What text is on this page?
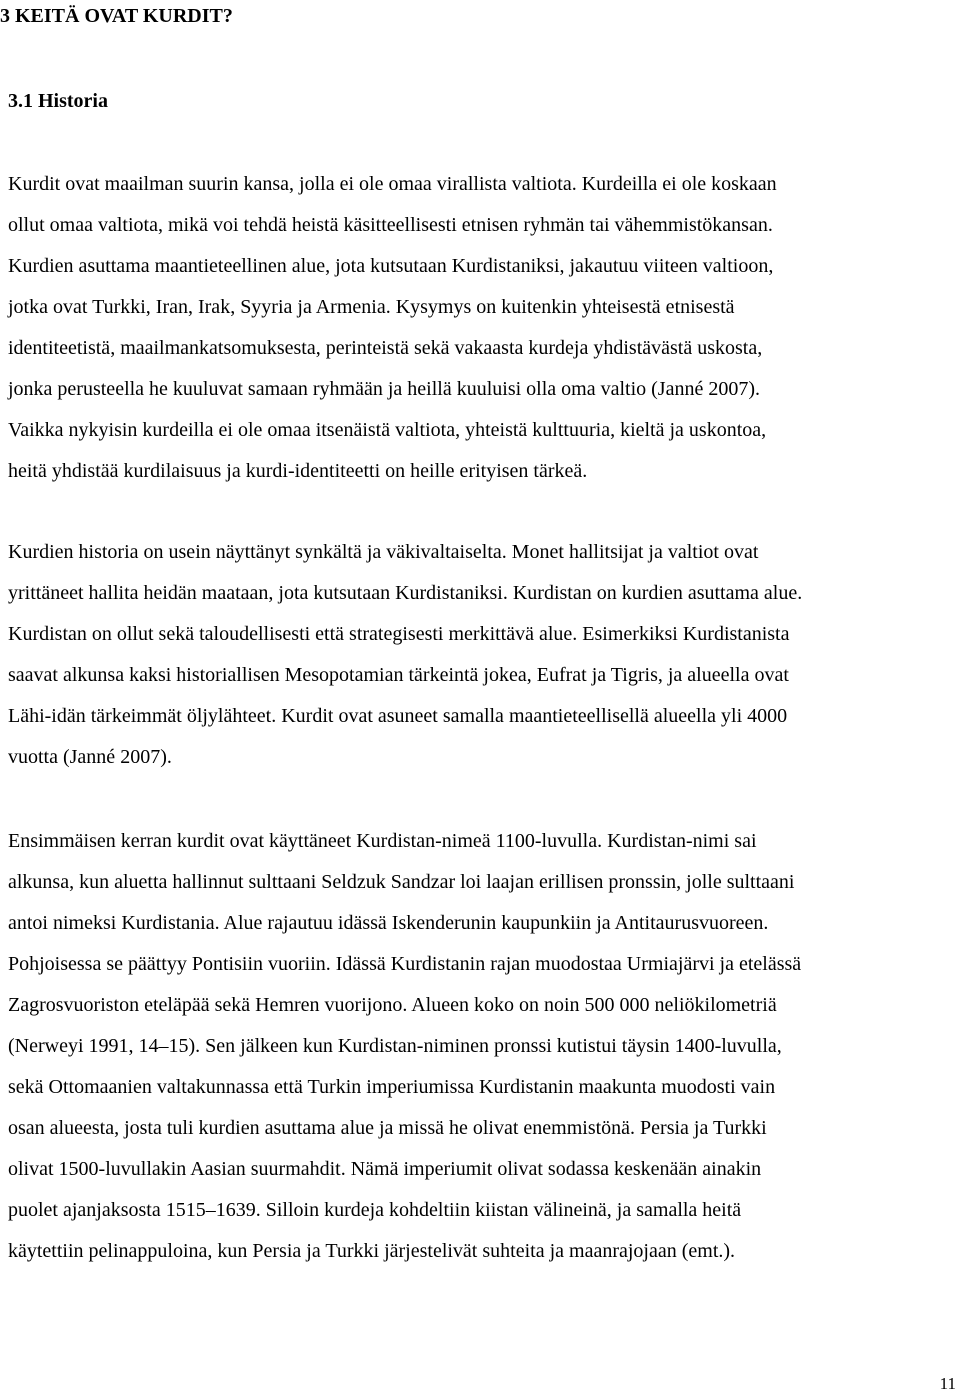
3 KEITÄ OVAT KURDIT?
3.1 Historia
Kurdit ovat maailman suurin kansa, jolla ei ole omaa virallista valtiota. Kurdeilla ei ole koskaan
ollut omaa valtiota, mikä voi tehdä heistä käsitteellisesti etnisen ryhmän tai vähemmistökansan.
Kurdien asuttama maantieteellinen alue, jota kutsutaan Kurdistaniksi, jakautuu viiteen valtioon,
jotka ovat Turkki, Iran, Irak, Syyria ja Armenia. Kysymys on kuitenkin yhteisestä etnisestä
identiteetistä, maailmankatsomuksesta, perinteistä sekä vakaasta kurdeja yhdistävästä uskosta,
jonka perusteella he kuuluvat samaan ryhmään ja heillä kuuluisi olla oma valtio (Janné 2007).
Vaikka nykyisin kurdeilla ei ole omaa itsenäistä valtiota, yhteistä kulttuuria, kieltä ja uskontoa,
heitä yhdistää kurdilaisuus ja kurdi-identiteetti on heille erityisen tärkeä.
Kurdien historia on usein näyttänyt synkältä ja väkivaltaiselta. Monet hallitsijat ja valtiot ovat
yrittäneet hallita heidän maataan, jota kutsutaan Kurdistaniksi. Kurdistan on kurdien asuttama alue.
Kurdistan on ollut sekä taloudellisesti että strategisesti merkittävä alue. Esimerkiksi Kurdistanista
saavat alkunsa kaksi historiallisen Mesopotamian tärkeintä jokea, Eufrat ja Tigris, ja alueella ovat
Lähi-idän tärkeimmät öljylähteet. Kurdit ovat asuneet samalla maantieteellisellä alueella yli 4000
vuotta (Janné 2007).
Ensimmäisen kerran kurdit ovat käyttäneet Kurdistan-nimeä 1100-luvulla. Kurdistan-nimi sai
alkunsa, kun aluetta hallinnut sulttaani Seldzuk Sandzar loi laajan erillisen pronssin, jolle sulttaani
antoi nimeksi Kurdistania. Alue rajautuu idässä Iskenderunin kaupunkiin ja Antitaurusvuoreen.
Pohjoisessa se päättyy Pontisiin vuoriin. Idässä Kurdistanin rajan muodostaa Urmiajärvi ja etelässä
Zagrosvuoriston eteläpää sekä Hemren vuorijono. Alueen koko on noin 500 000 neliökilometriä
(Nerweyi 1991, 14–15). Sen jälkeen kun Kurdistan-niminen pronssi kutistui täysin 1400-luvulla,
sekä Ottomaanien valtakunnassa että Turkin imperiumissa Kurdistanin maakunta muodosti vain
osan alueesta, josta tuli kurdien asuttama alue ja missä he olivat enemmistönä. Persia ja Turkki
olivat 1500-luvullakin Aasian suurmahdit. Nämä imperiumit olivat sodassa keskenään ainakin
puolet ajanjaksosta 1515–1639. Silloin kurdeja kohdeltiin kiistan välineinä, ja samalla heitä
käytettiin pelinappuloina, kun Persia ja Turkki järjestelivät suhteita ja maanrajojaan (emt.).
11
